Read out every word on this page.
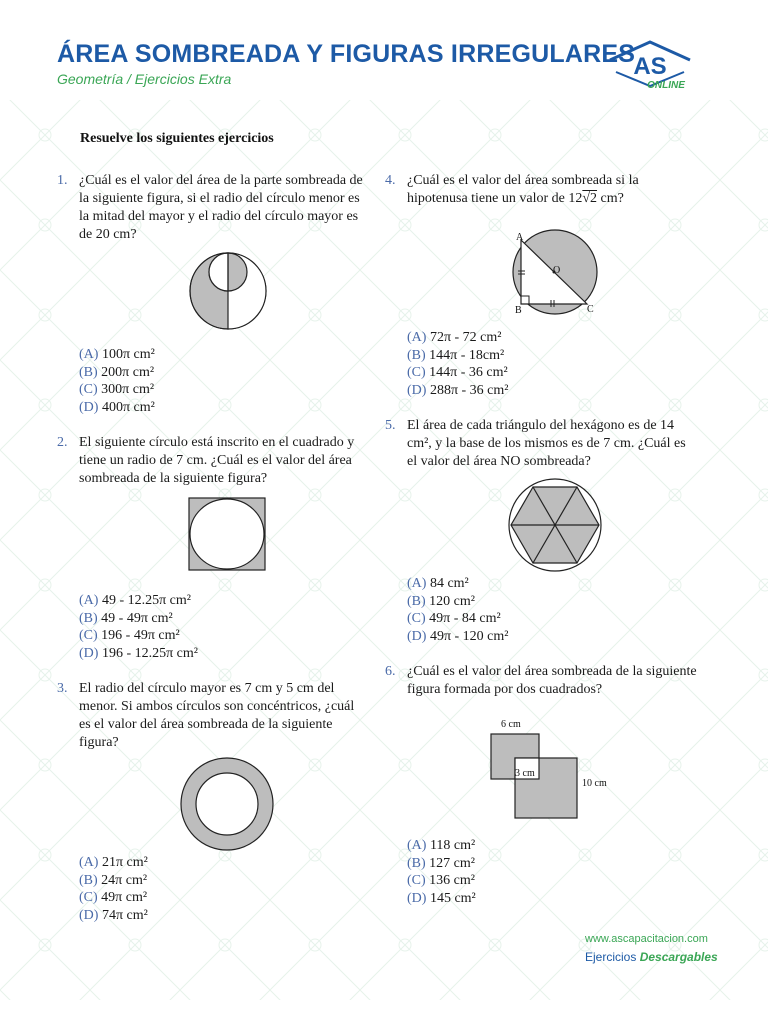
ÁREA SOMBREADA Y FIGURAS IRREGULARES
Geometría / Ejercicios Extra	AS
ONLINE
Resuelve los siguientes ejercicios
1. ¿Cuál es el valor del área de la parte sombreada de la siguiente figura, si el radio del círculo menor es la mitad del mayor y el radio del círculo mayor es de 20 cm?
(A) 100π cm²
(B) 200π cm²
(C) 300π cm²
(D) 400π cm²
2. El siguiente círculo está inscrito en el cuadrado y tiene un radio de 7 cm. ¿Cuál es el valor del área sombreada de la siguiente figura?
(A) 49 - 12.25π cm²
(B) 49 - 49π cm²
(C) 196 - 49π cm²
(D) 196 - 12.25π cm²
3. El radio del círculo mayor es 7 cm y 5 cm del menor. Si ambos círculos son concéntricos, ¿cuál es el valor del área sombreada de la siguiente figura?
(A) 21π cm²
(B) 24π cm²
(C) 49π cm²
(D) 74π cm²
4. ¿Cuál es el valor del área sombreada si la hipotenusa tiene un valor de 12√2 cm?
A
B	C
O
(A) 72π - 72 cm²
(B) 144π - 18cm²
(C) 144π - 36 cm²
(D) 288π - 36 cm²
5. El área de cada triángulo del hexágono es de 14 cm², y la base de los mismos es de 7 cm. ¿Cuál es el valor del área NO sombreada?
(A) 84 cm²
(B) 120 cm²
(C) 49π - 84 cm²
(D) 49π - 120 cm²
6. ¿Cuál es el valor del área sombreada de la siguiente figura formada por dos cuadrados?
6 cm
3 cm
10 cm
(A) 118 cm²
(B) 127 cm²
(C) 136 cm²
(D) 145 cm²
www.ascapacitacion.com
Ejercicios Descargables
